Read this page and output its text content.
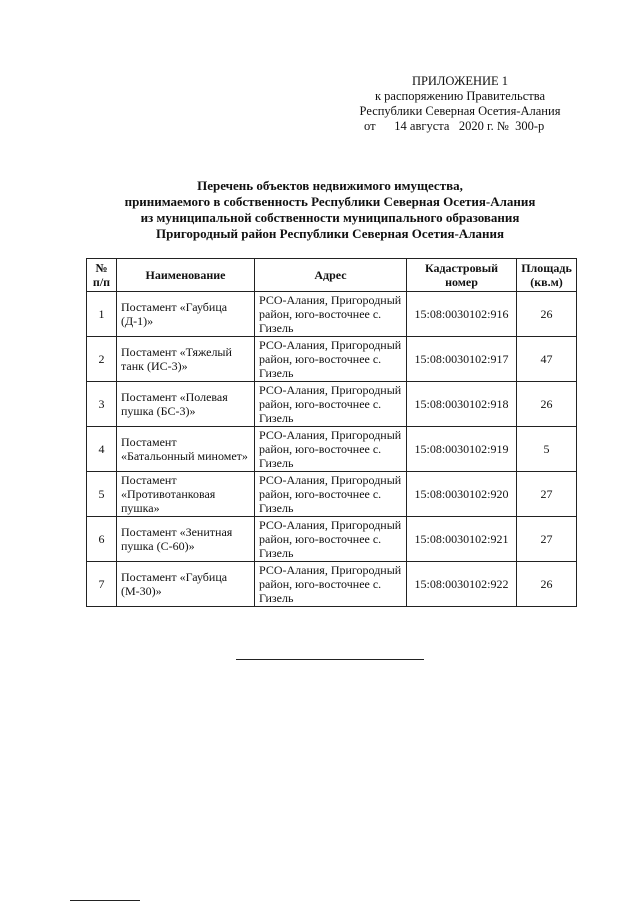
ПРИЛОЖЕНИЕ 1
к распоряжению Правительства
Республики Северная Осетия-Алания
от      14 августа   2020 г. №  300-р
Перечень объектов недвижимого имущества,
принимаемого в собственность Республики Северная Осетия-Алания
из муниципальной собственности муниципального образования
Пригородный район Республики Северная Осетия-Алания
№ п/п	Наименование	Адрес	Кадастровый номер	Площадь (кв.м)
1	Постамент «Гаубица (Д-1)»	РСО-Алания, Пригородный район, юго-восточнее с. Гизель	15:08:0030102:916	26
2	Постамент «Тяжелый танк (ИС-3)»	РСО-Алания, Пригородный район, юго-восточнее с. Гизель	15:08:0030102:917	47
3	Постамент «Полевая пушка (БС-3)»	РСО-Алания, Пригородный район, юго-восточнее с. Гизель	15:08:0030102:918	26
4	Постамент «Батальонный миномет»	РСО-Алания, Пригородный район, юго-восточнее с. Гизель	15:08:0030102:919	5
5	Постамент «Противотанковая пушка»	РСО-Алания, Пригородный район, юго-восточнее с. Гизель	15:08:0030102:920	27
6	Постамент «Зенитная пушка (С-60)»	РСО-Алания, Пригородный район, юго-восточнее с. Гизель	15:08:0030102:921	27
7	Постамент «Гаубица (М-30)»	РСО-Алания, Пригородный район, юго-восточнее с. Гизель	15:08:0030102:922	26
